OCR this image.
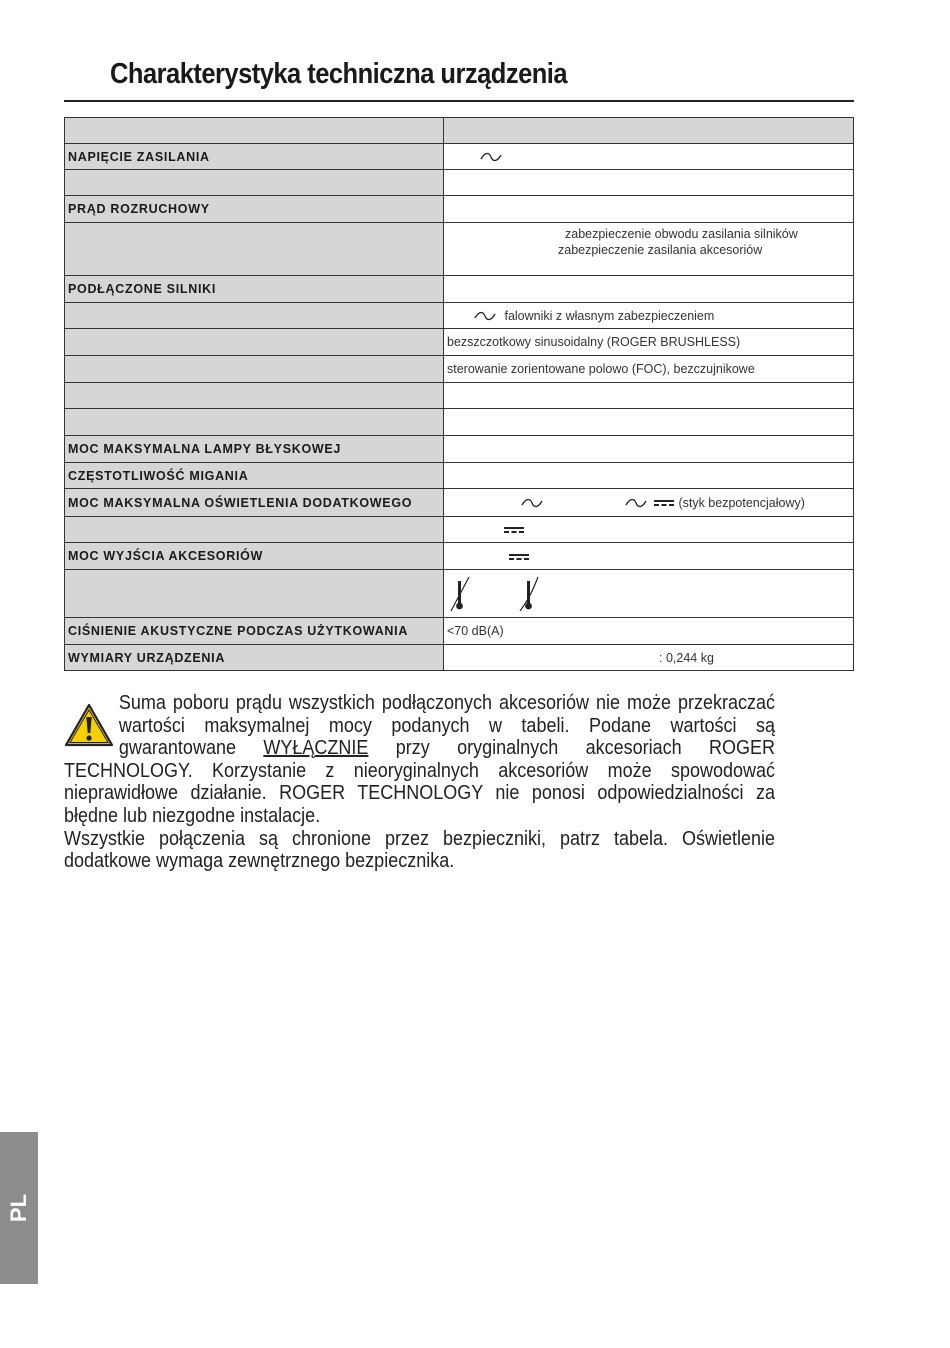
Charakterystyka techniczna urządzenia

NAPIĘCIE ZASILANIA	

PRĄD ROZRUCHOWY	

	zabezpieczenie obwodu zasilania silników
zabezpieczenie zasilania akcesoriów

PODŁĄCZONE SILNIKI	
	falowniki z własnym zabezpieczeniem
	bezszczotkowy sinusoidalny (ROGER BRUSHLESS)
	sterowanie zorientowane polowo (FOC), bezczujnikowe

MOC MAKSYMALNA LAMPY BŁYSKOWEJ	
CZĘSTOTLIWOŚĆ MIGANIA	
MOC MAKSYMALNA OŚWIETLENIA DODATKOWEGO	(styk bezpotencjałowy)

MOC WYJŚCIA AKCESORIÓW	

CIŚNIENIE AKUSTYCZNE PODCZAS UŻYTKOWANIA	<70 dB(A)
WYMIARY URZĄDZENIA	: 0,244 kg

Suma poboru prądu wszystkich podłączonych akcesoriów nie może przekraczać wartości maksymalnej mocy podanych w tabeli. Podane wartości są gwarantowane WYŁĄCZNIE przy oryginalnych akcesoriach ROGER TECHNOLOGY. Korzystanie z nieoryginalnych akcesoriów może spowodować nieprawidłowe działanie. ROGER TECHNOLOGY nie ponosi odpowiedzialności za błędne lub niezgodne instalacje.

Wszystkie połączenia są chronione przez bezpieczniki, patrz tabela. Oświetlenie dodatkowe wymaga zewnętrznego bezpiecznika.

PL
